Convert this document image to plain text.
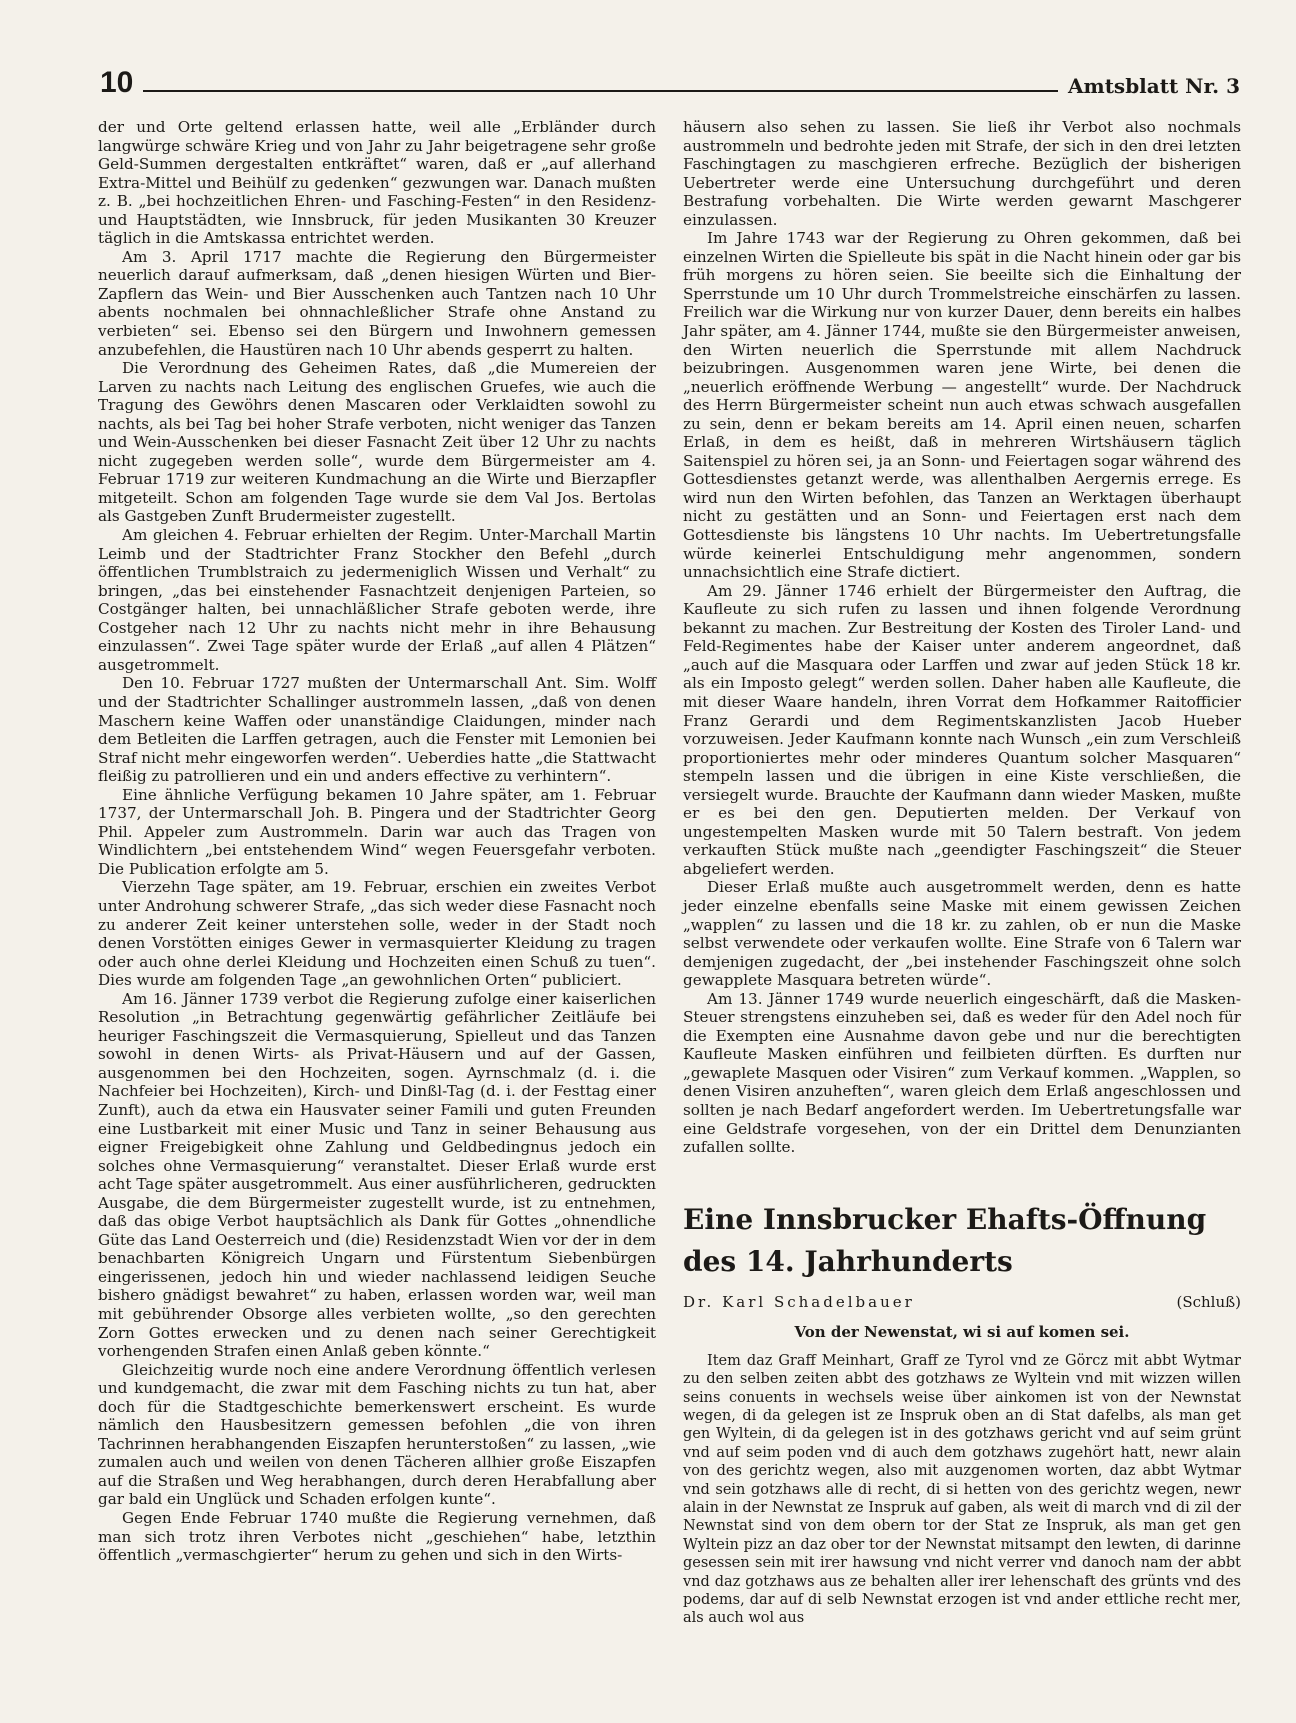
10	Amtsblatt Nr. 3

der und Orte geltend erlassen hatte, weil alle „Erbländer durch langwürge schwäre Krieg und von Jahr zu Jahr beigetragene sehr große Geld-Summen dergestalten entkräftet“ waren, daß er „auf allerhand Extra-Mittel und Beihülf zu gedenken“ gezwungen war. Danach mußten z. B. „bei hochzeitlichen Ehren- und Fasching-Festen“ in den Residenz- und Hauptstädten, wie Innsbruck, für jeden Musikanten 30 Kreuzer täglich in die Amtskassa entrichtet werden.

Am 3. April 1717 machte die Regierung den Bürgermeister neuerlich darauf aufmerksam, daß „denen hiesigen Würten und Bier-Zapflern das Wein- und Bier Ausschenken auch Tantzen nach 10 Uhr abents nochmalen bei ohnnachleßlicher Strafe ohne Anstand zu verbieten“ sei. Ebenso sei den Bürgern und Inwohnern gemessen anzubefehlen, die Haustüren nach 10 Uhr abends gesperrt zu halten.

Die Verordnung des Geheimen Rates, daß „die Mumereien der Larven zu nachts nach Leitung des englischen Gruefes, wie auch die Tragung des Gewöhrs denen Mascaren oder Verklaidten sowohl zu nachts, als bei Tag bei hoher Strafe verboten, nicht weniger das Tanzen und Wein-Ausschenken bei dieser Fasnacht Zeit über 12 Uhr zu nachts nicht zugegeben werden solle“, wurde dem Bürgermeister am 4. Februar 1719 zur weiteren Kundmachung an die Wirte und Bierzapfler mitgeteilt. Schon am folgenden Tage wurde sie dem Val Jos. Bertolas als Gastgeben Zunft Brudermeister zugestellt.

Am gleichen 4. Februar erhielten der Regim. Unter-Marchall Martin Leimb und der Stadtrichter Franz Stockher den Befehl „durch öffentlichen Trumblstraich zu jedermeniglich Wissen und Verhalt“ zu bringen, „das bei einstehender Fasnachtzeit denjenigen Parteien, so Costgänger halten, bei unnachläßlicher Strafe geboten werde, ihre Costgeher nach 12 Uhr zu nachts nicht mehr in ihre Behausung einzulassen“. Zwei Tage später wurde der Erlaß „auf allen 4 Plätzen“ ausgetrommelt.

Den 10. Februar 1727 mußten der Untermarschall Ant. Sim. Wolff und der Stadtrichter Schallinger austrommeln lassen, „daß von denen Maschern keine Waffen oder unanständige Claidungen, minder nach dem Betleiten die Larffen getragen, auch die Fenster mit Lemonien bei Straf nicht mehr eingeworfen werden“. Ueberdies hatte „die Stattwacht fleißig zu patrollieren und ein und anders effective zu verhintern“.

Eine ähnliche Verfügung bekamen 10 Jahre später, am 1. Februar 1737, der Untermarschall Joh. B. Pingera und der Stadtrichter Georg Phil. Appeler zum Austrommeln. Darin war auch das Tragen von Windlichtern „bei entstehendem Wind“ wegen Feuersgefahr verboten. Die Publication erfolgte am 5.

Vierzehn Tage später, am 19. Februar, erschien ein zweites Verbot unter Androhung schwerer Strafe, „das sich weder diese Fasnacht noch zu anderer Zeit keiner unterstehen solle, weder in der Stadt noch denen Vorstötten einiges Gewer in vermasquierter Kleidung zu tragen oder auch ohne derlei Kleidung und Hochzeiten einen Schuß zu tuen“. Dies wurde am folgenden Tage „an gewohnlichen Orten“ publiciert.

Am 16. Jänner 1739 verbot die Regierung zufolge einer kaiserlichen Resolution „in Betrachtung gegenwärtig gefährlicher Zeitläufe bei heuriger Faschingszeit die Vermasquierung, Spielleut und das Tanzen sowohl in denen Wirts- als Privat-Häusern und auf der Gassen, ausgenommen bei den Hochzeiten, sogen. Ayrnschmalz (d. i. die Nachfeier bei Hochzeiten), Kirch- und Dinßl-Tag (d. i. der Festtag einer Zunft), auch da etwa ein Hausvater seiner Famili und guten Freunden eine Lustbarkeit mit einer Music und Tanz in seiner Behausung aus eigner Freigebigkeit ohne Zahlung und Geldbedingnus jedoch ein solches ohne Vermasquierung“ veranstaltet. Dieser Erlaß wurde erst acht Tage später ausgetrommelt. Aus einer ausführlicheren, gedruckten Ausgabe, die dem Bürgermeister zugestellt wurde, ist zu entnehmen, daß das obige Verbot hauptsächlich als Dank für Gottes „ohnendliche Güte das Land Oesterreich und (die) Residenzstadt Wien vor der in dem benachbarten Königreich Ungarn und Fürstentum Siebenbürgen eingerissenen, jedoch hin und wieder nachlassend leidigen Seuche bishero gnädigst bewahret“ zu haben, erlassen worden war, weil man mit gebührender Obsorge alles verbieten wollte, „so den gerechten Zorn Gottes erwecken und zu denen nach seiner Gerechtigkeit vorhengenden Strafen einen Anlaß geben könnte.“

Gleichzeitig wurde noch eine andere Verordnung öffentlich verlesen und kundgemacht, die zwar mit dem Fasching nichts zu tun hat, aber doch für die Stadtgeschichte bemerkenswert erscheint. Es wurde nämlich den Hausbesitzern gemessen befohlen „die von ihren Tachrinnen herabhangenden Eiszapfen herunterstoßen“ zu lassen, „wie zumalen auch und weilen von denen Tächeren allhier große Eiszapfen auf die Straßen und Weg herabhangen, durch deren Herabfallung aber gar bald ein Unglück und Schaden erfolgen kunte“.

Gegen Ende Februar 1740 mußte die Regierung vernehmen, daß man sich trotz ihren Verbotes nicht „geschiehen“ habe, letzthin öffentlich „vermaschgierter“ herum zu gehen und sich in den Wirts-

häusern also sehen zu lassen. Sie ließ ihr Verbot also nochmals austrommeln und bedrohte jeden mit Strafe, der sich in den drei letzten Faschingtagen zu maschgieren erfreche. Bezüglich der bisherigen Uebertreter werde eine Untersuchung durchgeführt und deren Bestrafung vorbehalten. Die Wirte werden gewarnt Maschgerer einzulassen.

Im Jahre 1743 war der Regierung zu Ohren gekommen, daß bei einzelnen Wirten die Spielleute bis spät in die Nacht hinein oder gar bis früh morgens zu hören seien. Sie beeilte sich die Einhaltung der Sperrstunde um 10 Uhr durch Trommelstreiche einschärfen zu lassen. Freilich war die Wirkung nur von kurzer Dauer, denn bereits ein halbes Jahr später, am 4. Jänner 1744, mußte sie den Bürgermeister anweisen, den Wirten neuerlich die Sperrstunde mit allem Nachdruck beizubringen. Ausgenommen waren jene Wirte, bei denen die „neuerlich eröffnende Werbung — angestellt“ wurde. Der Nachdruck des Herrn Bürgermeister scheint nun auch etwas schwach ausgefallen zu sein, denn er bekam bereits am 14. April einen neuen, scharfen Erlaß, in dem es heißt, daß in mehreren Wirtshäusern täglich Saitenspiel zu hören sei, ja an Sonn- und Feiertagen sogar während des Gottesdienstes getanzt werde, was allenthalben Aergernis errege. Es wird nun den Wirten befohlen, das Tanzen an Werktagen überhaupt nicht zu gestätten und an Sonn- und Feiertagen erst nach dem Gottesdienste bis längstens 10 Uhr nachts. Im Uebertretungsfalle würde keinerlei Entschuldigung mehr angenommen, sondern unnachsichtlich eine Strafe dictiert.

Am 29. Jänner 1746 erhielt der Bürgermeister den Auftrag, die Kaufleute zu sich rufen zu lassen und ihnen folgende Verordnung bekannt zu machen. Zur Bestreitung der Kosten des Tiroler Land- und Feld-Regimentes habe der Kaiser unter anderem angeordnet, daß „auch auf die Masquara oder Larffen und zwar auf jeden Stück 18 kr. als ein Imposto gelegt“ werden sollen. Daher haben alle Kaufleute, die mit dieser Waare handeln, ihren Vorrat dem Hofkammer Raitofficier Franz Gerardi und dem Regimentskanzlisten Jacob Hueber vorzuweisen. Jeder Kaufmann konnte nach Wunsch „ein zum Verschleiß proportioniertes mehr oder minderes Quantum solcher Masquaren“ stempeln lassen und die übrigen in eine Kiste verschließen, die versiegelt wurde. Brauchte der Kaufmann dann wieder Masken, mußte er es bei den gen. Deputierten melden. Der Verkauf von ungestempelten Masken wurde mit 50 Talern bestraft. Von jedem verkauften Stück mußte nach „geendigter Faschingszeit“ die Steuer abgeliefert werden.

Dieser Erlaß mußte auch ausgetrommelt werden, denn es hatte jeder einzelne ebenfalls seine Maske mit einem gewissen Zeichen „wapplen“ zu lassen und die 18 kr. zu zahlen, ob er nun die Maske selbst verwendete oder verkaufen wollte. Eine Strafe von 6 Talern war demjenigen zugedacht, der „bei instehender Faschingszeit ohne solch gewapplete Masquara betreten würde“.

Am 13. Jänner 1749 wurde neuerlich eingeschärft, daß die Masken-Steuer strengstens einzuheben sei, daß es weder für den Adel noch für die Exempten eine Ausnahme davon gebe und nur die berechtigten Kaufleute Masken einführen und feilbieten dürften. Es durften nur „gewaplete Masquen oder Visiren“ zum Verkauf kommen. „Wapplen, so denen Visiren anzuheften“, waren gleich dem Erlaß angeschlossen und sollten je nach Bedarf angefordert werden. Im Uebertretungsfalle war eine Geldstrafe vorgesehen, von der ein Drittel dem Denunzianten zufallen sollte.

Eine Innsbrucker Ehafts-Öffnung des 14. Jahrhunderts
Dr. Karl Schadelbauer	(Schluß)
Von der Newenstat, wi si auf komen sei.

Item daz Graff Meinhart, Graff ze Tyrol vnd ze Görcz mit abbt Wytmar zu den selben zeiten abbt des gotzhaws ze Wyltein vnd mit wizzen willen seins conuents in wechsels weise über ainkomen ist von der Newnstat wegen, di da gelegen ist ze Inspruk oben an di Stat dafelbs, als man get gen Wyltein, di da gelegen ist in des gotzhaws gericht vnd auf seim grünt vnd auf seim poden vnd di auch dem gotzhaws zugehört hatt, newr alain von des gerichtz wegen, also mit auzgenomen worten, daz abbt Wytmar vnd sein gotzhaws alle di recht, di si hetten von des gerichtz wegen, newr alain in der Newnstat ze Inspruk auf gaben, als weit di march vnd di zil der Newnstat sind von dem obern tor der Stat ze Inspruk, als man get gen Wyltein pizz an daz ober tor der Newnstat mitsampt den lewten, di darinne gesessen sein mit irer hawsung vnd nicht verrer vnd danoch nam der abbt vnd daz gotzhaws aus ze behalten aller irer lehenschaft des grünts vnd des podems, dar auf di selb Newnstat erzogen ist vnd ander ettliche recht mer, als auch wol aus
